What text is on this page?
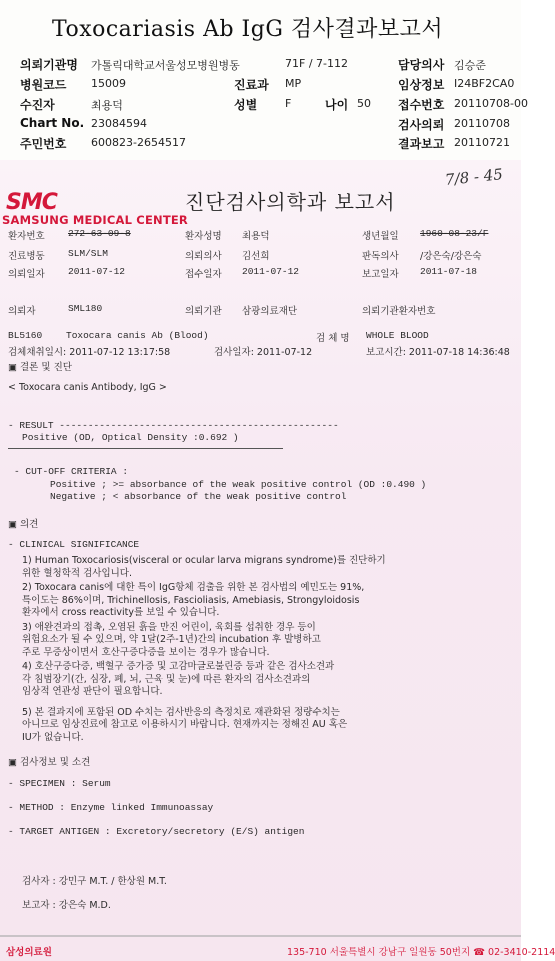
Toxocariasis Ab IgG 검사결과보고서
의뢰기관명 가톨릭대학교서울성모병원병동	71F / 7-112	담당의사 김승준
병원코드 15009	진료과 MP	임상정보 I24BF2CA0
수진자	최용덕	성별	F	나이 50 접수번호 20110708-00
Chart No. 23084594	검사의뢰 20110708
주민번호 600823-2654517	결과보고 20110721
7/8 - 45
SMC
SAMSUNG MEDICAL CENTER
진단검사의학과 보고서
환자번호 272-63-09-8	환자성명 최용덕	생년월일 1960-08-23/F
진료병동 SLM/SLM	의뢰의사 김선희	판독의사 /강은숙/강은숙
의뢰일자 2011-07-12	접수일자 2011-07-12	보고일자 2011-07-18
의뢰자	SML180	의뢰기관 삼광의료재단	의뢰기관환자번호
BL5160	Toxocara canis Ab (Blood)	검 체 명 WHOLE BLOOD
검체채취일시: 2011-07-12 13:17:58	검사일자: 2011-07-12	보고시간: 2011-07-18 14:36:48
▣ 결론 및 진단
< Toxocara canis Antibody, IgG >
- RESULT -------------------------------------------------
Positive (OD, Optical Density :0.692 )
- CUT-OFF CRITERIA :
Positive ; >= absorbance of the weak positive control (OD :0.490 )
Negative ; < absorbance of the weak positive control
▣ 의견
- CLINICAL SIGNIFICANCE
1) Human Toxocariosis(visceral or ocular larva migrans syndrome)를 진단하기
위한 혈청학적 검사입니다.
2) Toxocara canis에 대한 특이 IgG항체 검출을 위한 본 검사법의 예민도는 91%,
특이도는 86%이며, Trichinellosis, Fascioliasis, Amebiasis, Strongyloidosis
환자에서 cross reactivity를 보일 수 있습니다.
3) 애완견과의 접촉, 오염된 흙을 만진 어린이, 육회를 섭취한 경우 등이
위험요소가 될 수 있으며, 약 1달(2주-1년)간의 incubation 후 발병하고
주로 무증상이면서 호산구증다증을 보이는 경우가 많습니다.
4) 호산구증다증, 백혈구 증가증 및 고감마글로불린증 등과 같은 검사소견과
각 침범장기(간, 심장, 폐, 뇌, 근육 및 눈)에 따른 환자의 검사소견과의
임상적 연관성 판단이 필요합니다.
5) 본 결과지에 포함된 OD 수치는 검사반응의 측정치로 재관화된 정량수치는
아니므로 임상진료에 참고로 이용하시기 바랍니다. 현재까지는 정해진 AU 혹은
IU가 없습니다.
▣ 검사정보 및 소견
- SPECIMEN : Serum
- METHOD : Enzyme linked Immunoassay
- TARGET ANTIGEN : Excretory/secretory (E/S) antigen
검사자 : 강민구 M.T. / 한상원 M.T.
보고자 : 강은숙 M.D.
삼성의료원	135-710 서울특별시 강남구 일원동 50번지 ☎ 02-3410-2114
